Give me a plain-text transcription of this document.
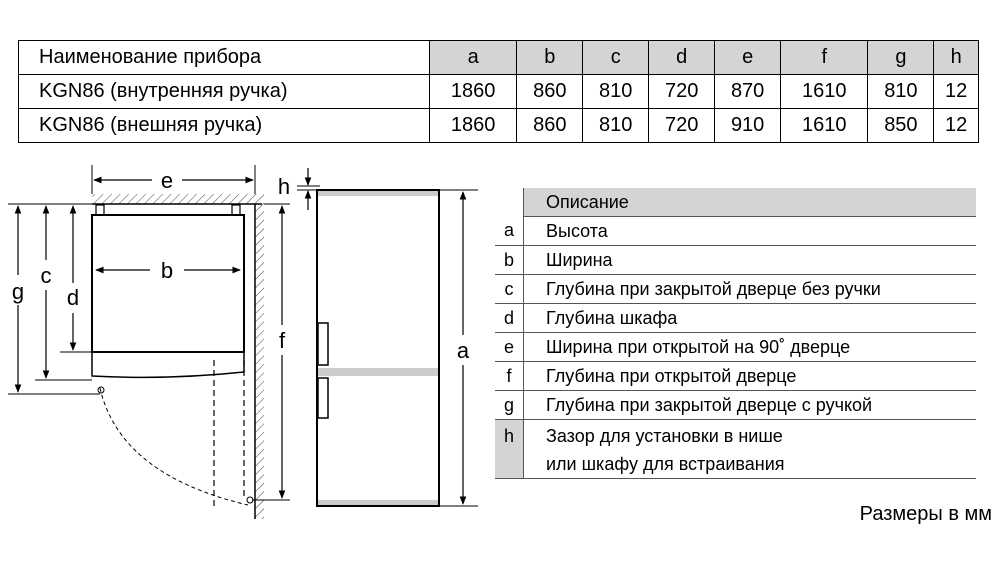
Наименование прибора	a	b	c	d	e	f	g	h
KGN86 (внутренняя ручка)	1860	860	810	720	870	1610	810	12
KGN86 (внешняя ручка)	1860	860	810	720	910	1610	850	12
e
b
g
c
d
f
h
a
	Описание
a	Высота
b	Ширина
c	Глубина при закрытой дверце без ручки
d	Глубина шкафа
e	Ширина при открытой на 90˚ дверце
f	Глубина при открытой дверце
g	Глубина при закрытой дверце с ручкой
h	Зазор для установки в нише
или шкафу для встраивания
Размеры в мм
